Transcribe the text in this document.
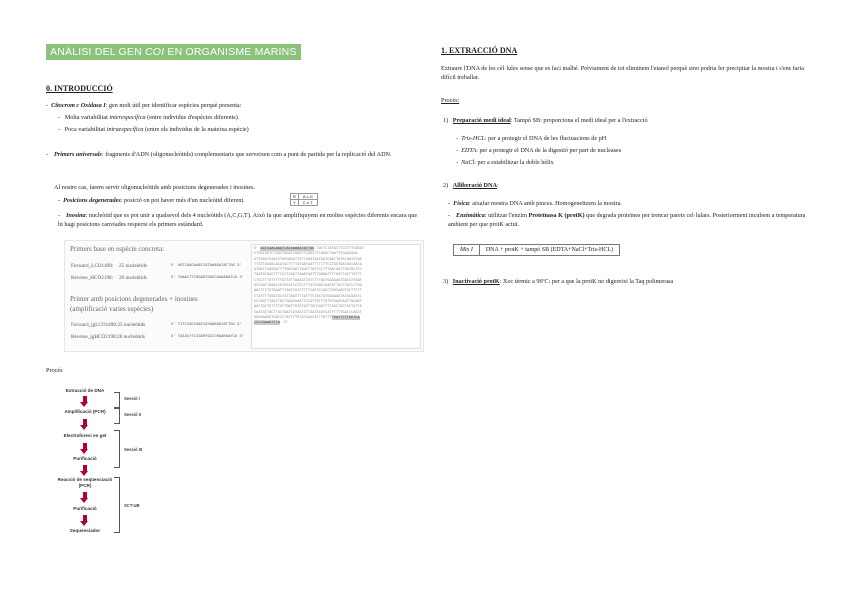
ANÀLISI DEL GEN COI EN ORGANISME MARINS
0. INTRODUCCIÓ
-  Citocrom c Oxidasa I: gen molt útil per identificar espècies perquè presenta:
-   Molta variabilitat interespecífica (entre individus d'espècies diferents).
-   Poca variabilitat intraespecífica (entre els individus de la mateixa espècie)
- Primers universals: fragments d'ADN (oligonucleòtids) complementaris que serveixen com a punt de partida per la replicació del ADN.
Al nostre cas, farem servir oligonucleòtids amb posicions degenerades i inosines.
-  Posicions degenerades: posició on pot haver més d'un nucleòtid diferent.
R	A o G
Y	C o T
- Inosina: nucleòtid que es pot unir a qualsevol dels 4 nucleòtids (A,C,G,T). Això fa que amplifiquyem en moltes espècies diferents encara que hi hagi posicions canviades respecte els primers estàndard.
Primers base en espècie concreta:
Forward_LCO1490: 25 nucleòtids	5' GGTCAACAAATCATAAAGATATTGG 3'
Reverse_HCO2198: 26 nucleòtids	5' TAAACTTCAGGGTGACCAAAAAATCA 3'
Primer amb posicions degenerades + inosines
(amplificació varies espècies)
Forward_jgLCO1490:25 nucleòtids	5' TITCIACIAAYCAYAARGAYATTGG 3'
Reverse_jgHCO2198:26 nucleòtids	5' TAIACYTCIGGRTGICCRAARAAYCA 3'
5' GGTCAACAAATCATAAAGATATTGG TACTCTATACTTCCTTTTAGGT
CTGGTGGTCTGGCTGGATCGGGTTCGGCTTTAGGCTAATTCGAGCAGA
GTTGGGTCAACCTGGGAGGTTGTTAGGTGATGATCAGTTATATAATGTGA
TTGTTACAGCACATGCTTTTATGATAATTTTCTTCCTGGTGATACCAATA
ATGATTGGGGGTTTTGGTAATTGGCTTATCCCTTTAATGATTGGTGCTCC
TGATATAGCTTTCCCTCGATTAAATAATTTGAGATTTTGGTTACTTGTTC
CTGCTTTGTTTTTATTATTAAGGTCGTCTTTAGTGGAGAGTGGTGTTGGT
ACCGGTTGAACCGTGTATCCTCCTTTATCGGGTAATGTTGCTCATCCTGG
AGCTTCTGTAGATTTAGCTATCTTTTCACTCCACCTGGCAGGTGCTTCTT
CTATTTTGGGTGCTATTAATTTTATTTCTACTGTGGGAAATATACGATCC
CCTGGTTTAGTTGCTGAGCGAATTCCGTTGTTTGTGTGAGCAGTTACAGT
AACTGCTGTTTTGTTGATTGTGTGCTTGCCAGTTTTGGCTGGTGCTATTA
CAATGTTACTTACTGATCGTAATCTTAATACATCATTTTTTGACCCAGCT
GGGGGAGGTGATCCTATTTTGTATCAGCATTTGTTTTGATTTTTGGTCA
CCCTGAAGTTTA  3'
Procés
Extracció de DNA
Amplificació (PCR)
Electroforesi en gel
Purificació
Reacció de seqüenciació (PCR)
Purificació
Sequenciador
Sessió I
Sessió II
Sessió III
SCT-UB
1. EXTRACCIÓ DNA
Extraure l'DNA de les cèl·lules sense que es faci malbé. Prèviament de tot eliminem l'etanol perquè sino podria fer precipitar la mostra i s'ens faria difícil treballar.
Procés:
1) Preparació medi ideal: Tampó SB: proporciona el medi ideal per a l'extracció
-  Tris-HCL: per a protegir el DNA de les fluctuacions de pH
-  EDTA: per a protegir el DNA de la digestió per part de nucleases
-  NaCl: per a estabilitzar la doble hèlix
2) Alliberació DNA:
-  Física: aixafar mostra DNA amb pinces. Homogeneïtzem la mostra.
- Enzimàtica: utilitzar l'enzim Proteïnasa K (protK) que degrada proteïnes per trencar parets cel·lulars. Posteriorment incubem a temperatura ambient per que protK actuï.
Mix I	DNA + protK + tampó SB (EDTA+NaCl+Tris-HCL)
3) Inactivació protK: Xoc tèrmic a 96ºC: per a que la protK no digereixi la Taq polimerasa
